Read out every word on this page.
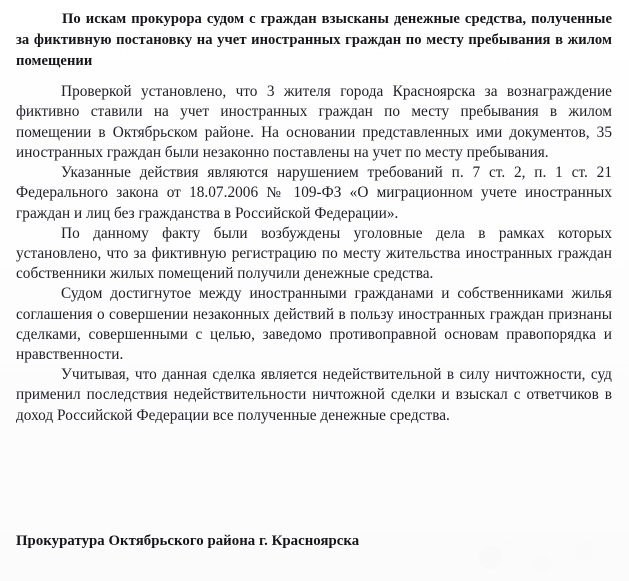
По искам прокурора судом с граждан взысканы денежные средства, полученные за фиктивную постановку на учет иностранных граждан по месту пребывания в жилом помещении

Проверкой установлено, что 3 жителя города Красноярска за вознаграждение фиктивно ставили на учет иностранных граждан по месту пребывания в жилом помещении в Октябрьском районе. На основании представленных ими документов, 35 иностранных граждан были незаконно поставлены на учет по месту пребывания.

Указанные действия являются нарушением требований п. 7 ст. 2, п. 1 ст. 21 Федерального закона от 18.07.2006 № 109-ФЗ «О миграционном учете иностранных граждан и лиц без гражданства в Российской Федерации».

По данному факту были возбуждены уголовные дела в рамках которых установлено, что за фиктивную регистрацию по месту жительства иностранных граждан собственники жилых помещений получили денежные средства.

Судом достигнутое между иностранными гражданами и собственниками жилья соглашения о совершении незаконных действий в пользу иностранных граждан признаны сделками, совершенными с целью, заведомо противоправной основам правопорядка и нравственности.

Учитывая, что данная сделка является недействительной в силу ничтожности, суд применил последствия недействительности ничтожной сделки и взыскал с ответчиков в доход Российской Федерации все полученные денежные средства.

Прокуратура Октябрьского района г. Красноярска
